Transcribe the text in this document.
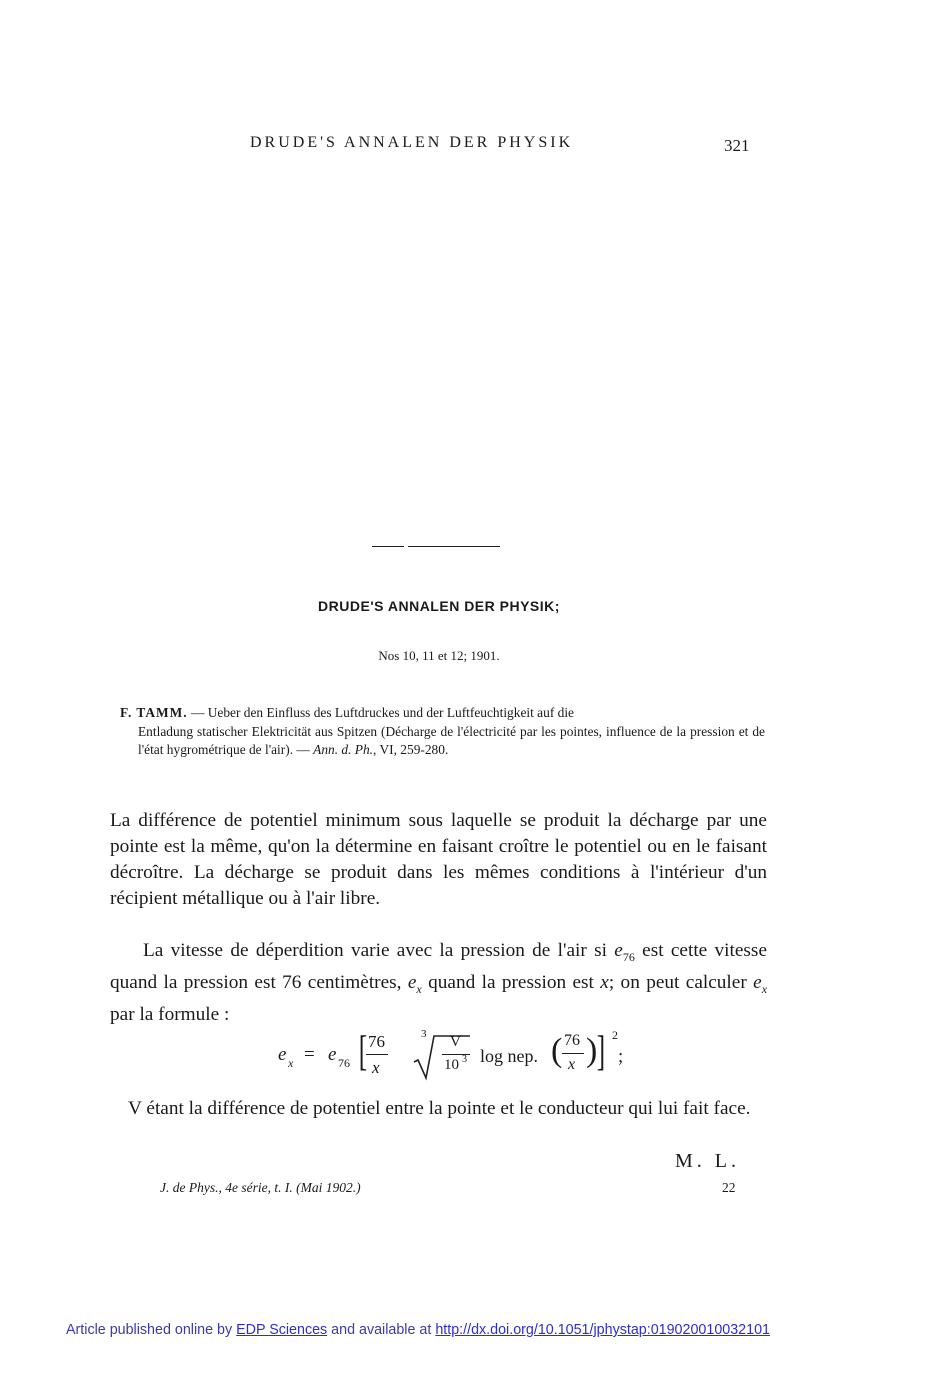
DRUDE'S ANNALEN DER PHYSIK	321
DRUDE'S ANNALEN DER PHYSIK;
Nos 10, 11 et 12; 1901.
F. TAMM. — Ueber den Einfluss des Luftdruckes und der Luftfeuchtigkeit auf die
Entladung statischer Elektricität aus Spitzen (Décharge de l'électricité par les pointes, influence de la pression et de l'état hygrométrique de l'air). — Ann. d. Ph., VI, 259-280.
La différence de potentiel minimum sous laquelle se produit la décharge par une pointe est la même, qu'on la détermine en faisant croître le potentiel ou en le faisant décroître. La décharge se produit dans les mêmes conditions à l'intérieur d'un récipient métallique ou à l'air libre.
La vitesse de déperdition varie avec la pression de l'air si $e_{76}$ est cette vitesse quand la pression est 76 centimètres, $e_x$ quand la pression est x; on peut calculer $e_x$ par la formule :
e x = e 76 [ 76
x
3 V
10 3 log nep. ( 76
x ) ] 2
;
V étant la différence de potentiel entre la pointe et le conducteur qui lui fait face.
M. L.
J. de Phys., 4e série, t. I. (Mai 1902.)	22
Article published online by EDP Sciences and available at http://dx.doi.org/10.1051/jphystap:019020010032101
